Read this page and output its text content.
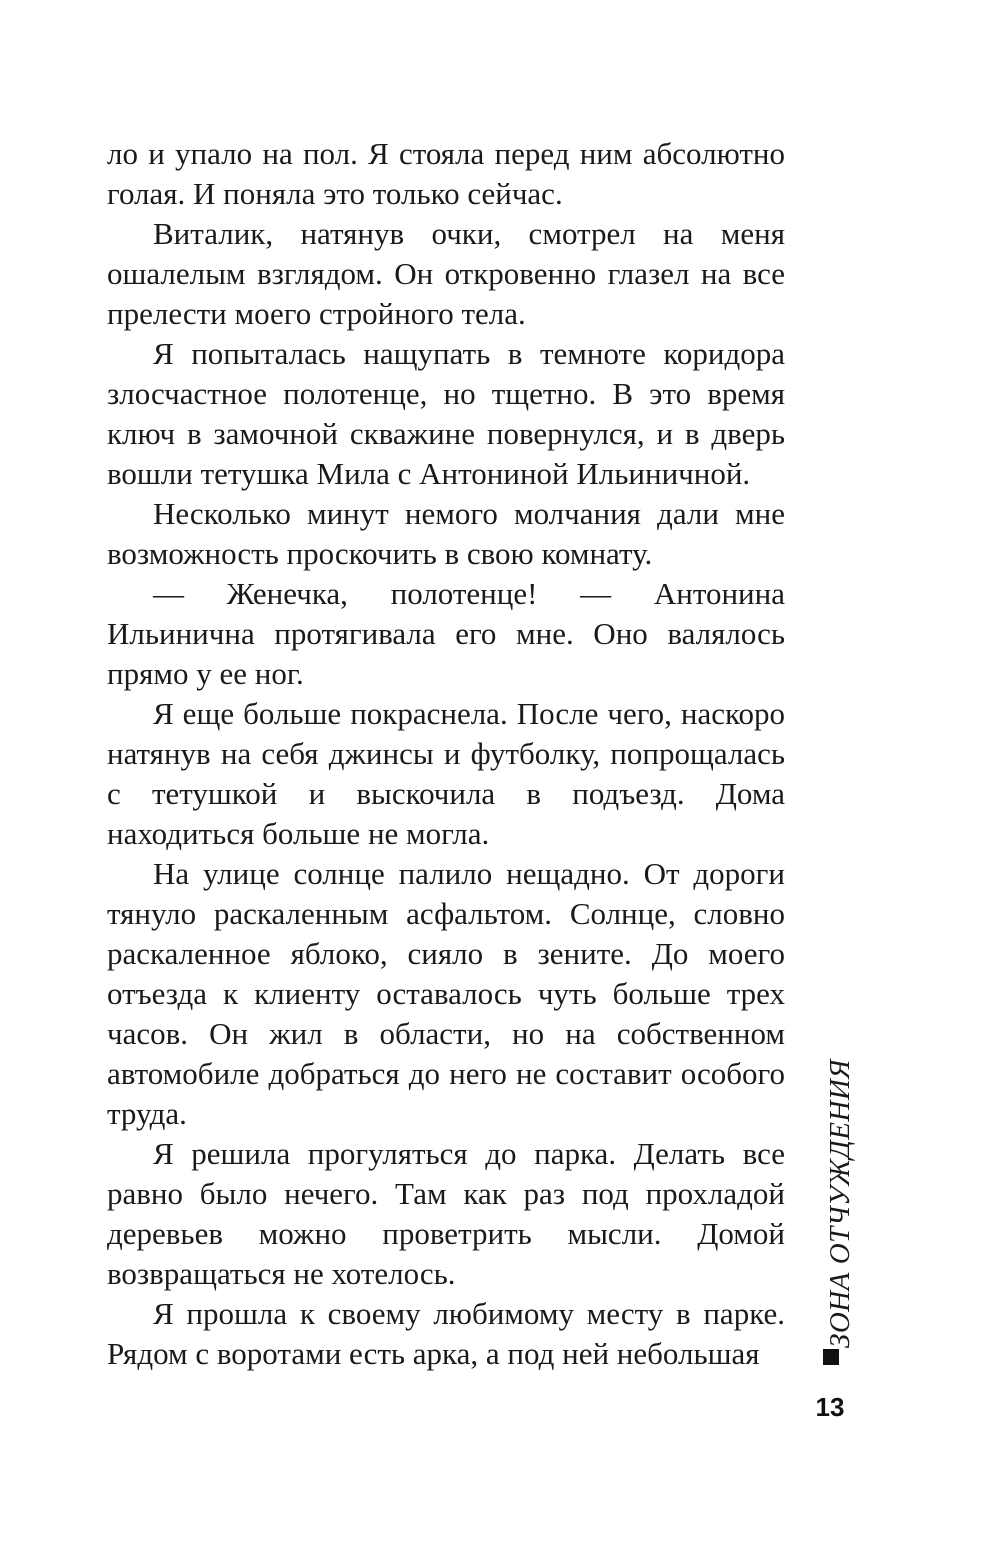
ло и упало на пол. Я стояла перед ним абсолютно голая. И поняла это только сейчас.

Виталик, натянув очки, смотрел на меня ошалелым взглядом. Он откровенно глазел на все прелести моего стройного тела.

Я попыталась нащупать в темноте коридора злосчастное полотенце, но тщетно. В это время ключ в замочной скважине повернулся, и в дверь вошли тетушка Мила с Антониной Ильиничной.

Несколько минут немого молчания дали мне возможность проскочить в свою комнату.

— Женечка, полотенце! — Антонина Ильинична протягивала его мне. Оно валялось прямо у ее ног.

Я еще больше покраснела. После чего, наскоро натянув на себя джинсы и футболку, попрощалась с тетушкой и выскочила в подъезд. Дома находиться больше не могла.

На улице солнце палило нещадно. От дороги тянуло раскаленным асфальтом. Солнце, словно раскаленное яблоко, сияло в зените. До моего отъезда к клиенту оставалось чуть больше трех часов. Он жил в области, но на собственном автомобиле добраться до него не составит особого труда.

Я решила прогуляться до парка. Делать все равно было нечего. Там как раз под прохладой деревьев можно проветрить мысли. Домой возвращаться не хотелось.

Я прошла к своему любимому месту в парке. Рядом с воротами есть арка, а под ней небольшая

ЗОНА ОТЧУЖДЕНИЯ
13
